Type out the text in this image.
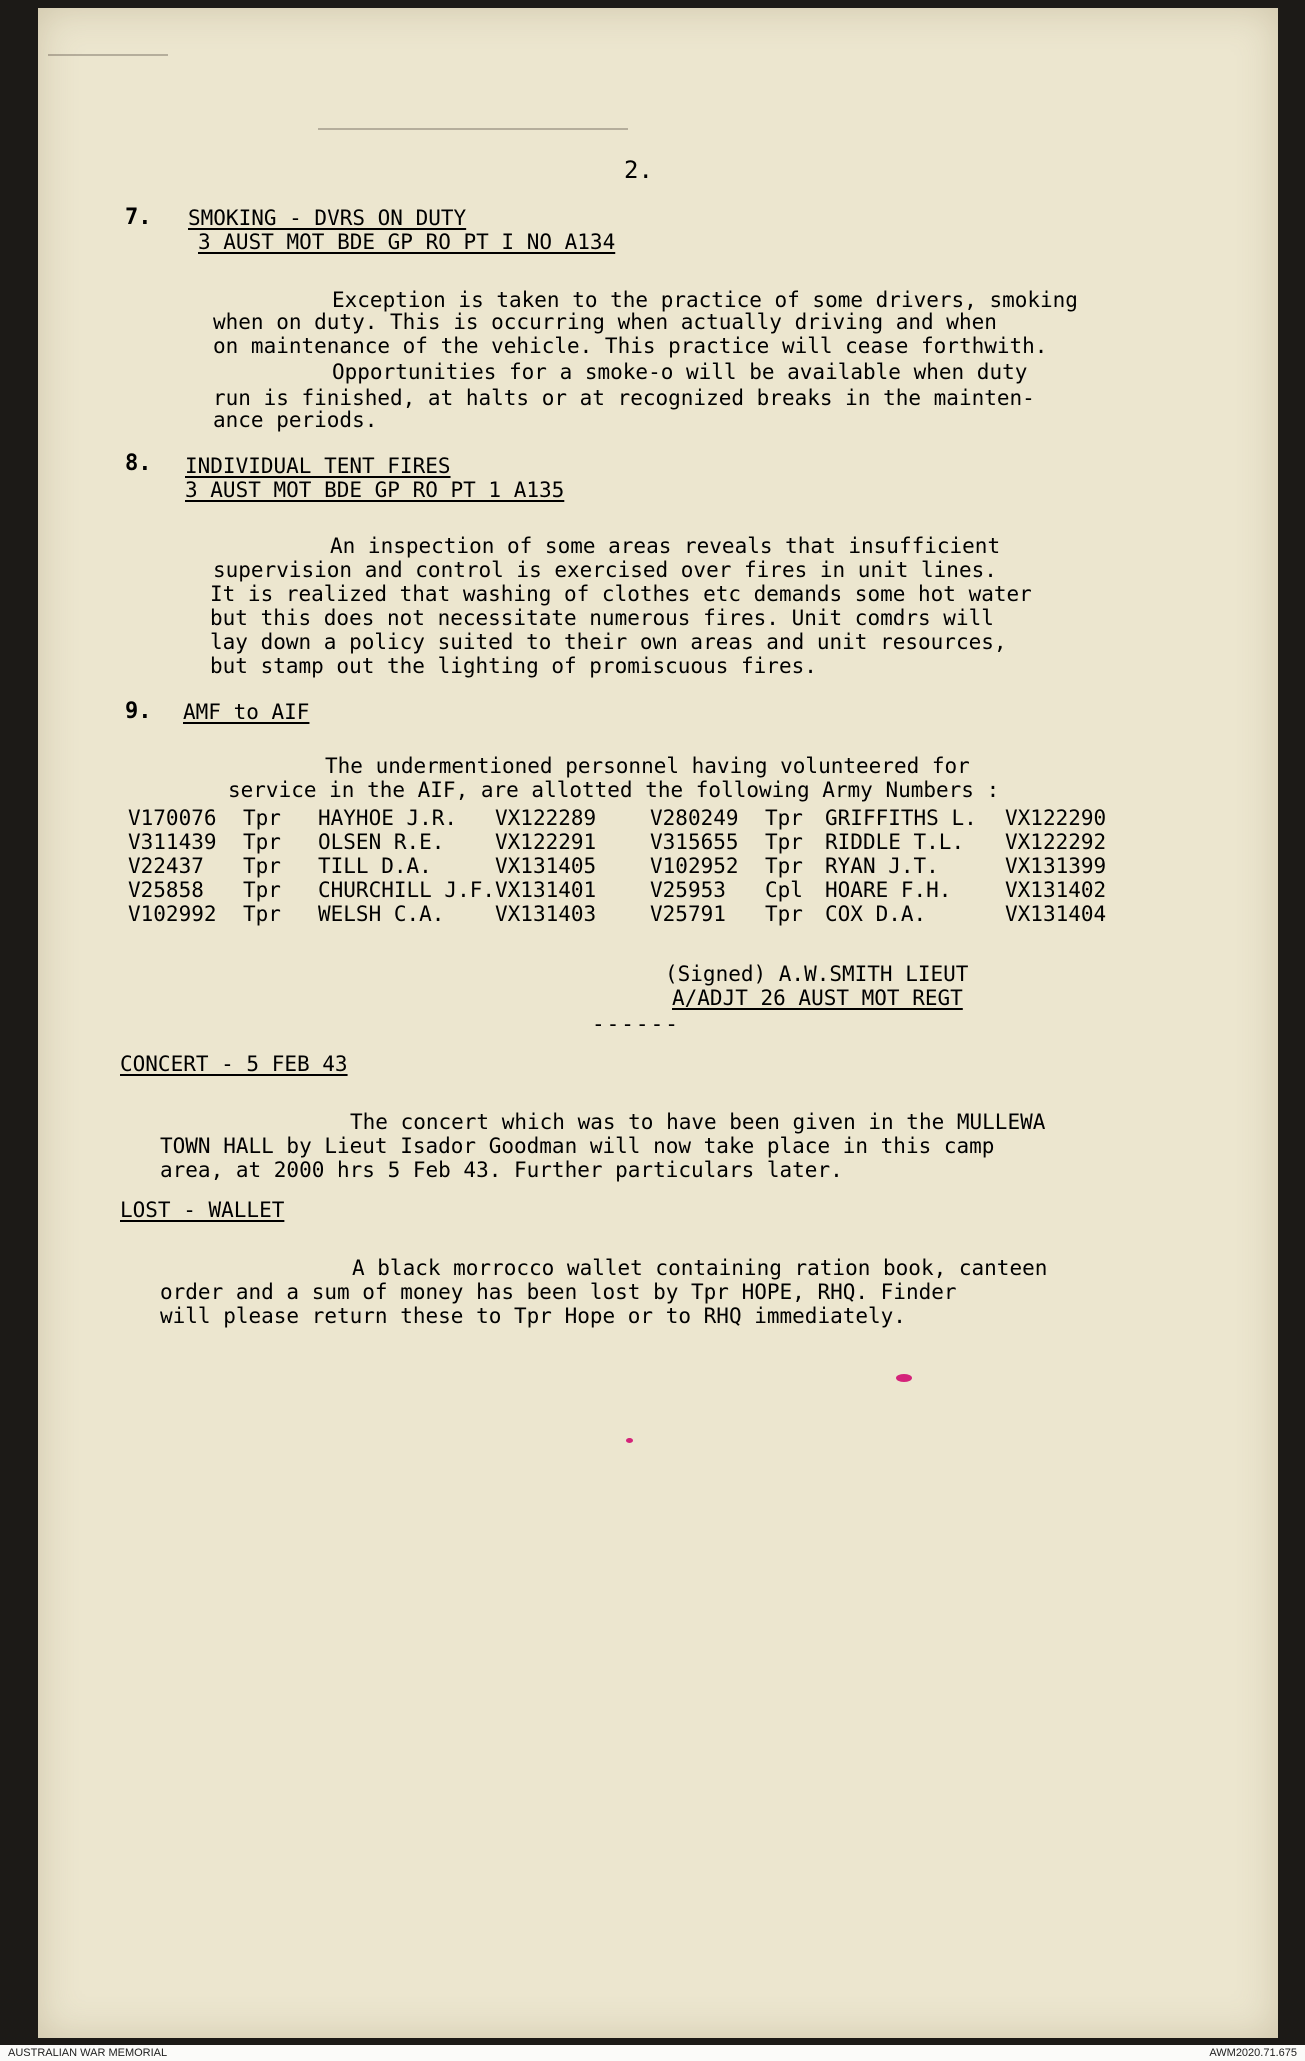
2.
7. SMOKING - DVRS ON DUTY
3 AUST MOT BDE GP RO PT I NO A134
Exception is taken to the practice of some drivers, smoking
when on duty. This is occurring when actually driving and when
on maintenance of the vehicle. This practice will cease forthwith.
Opportunities for a smoke-o will be available when duty
run is finished, at halts or at recognized breaks in the mainten-
ance periods.
8. INDIVIDUAL TENT FIRES
3 AUST MOT BDE GP RO PT 1 A135
An inspection of some areas reveals that insufficient
supervision and control is exercised over fires in unit lines.
It is realized that washing of clothes etc demands some hot water
but this does not necessitate numerous fires. Unit comdrs will
lay down a policy suited to their own areas and unit resources,
but stamp out the lighting of promiscuous fires.
9. AMF to AIF
The undermentioned personnel having volunteered for
service in the AIF, are allotted the following Army Numbers :
V170076	Tpr	HAYHOE J.R.	VX122289	V280249	Tpr	GRIFFITHS L.	VX122290
V311439	Tpr	OLSEN R.E.	VX122291	V315655	Tpr	RIDDLE T.L.	VX122292
V22437	Tpr	TILL D.A.	VX131405	V102952	Tpr	RYAN J.T.	VX131399
V25858	Tpr	CHURCHILL J.F.	VX131401	V25953	Cpl	HOARE F.H.	VX131402
V102992	Tpr	WELSH C.A.	VX131403	V25791	Tpr	COX D.A.	VX131404
(Signed) A.W.SMITH LIEUT
A/ADJT 26 AUST MOT REGT
------
CONCERT - 5 FEB 43
The concert which was to have been given in the MULLEWA
TOWN HALL by Lieut Isador Goodman will now take place in this camp
area, at 2000 hrs 5 Feb 43. Further particulars later.
LOST - WALLET
A black morrocco wallet containing ration book, canteen
order and a sum of money has been lost by Tpr HOPE, RHQ. Finder
will please return these to Tpr Hope or to RHQ immediately.
AUSTRALIAN WAR MEMORIAL	AWM2020.71.675
